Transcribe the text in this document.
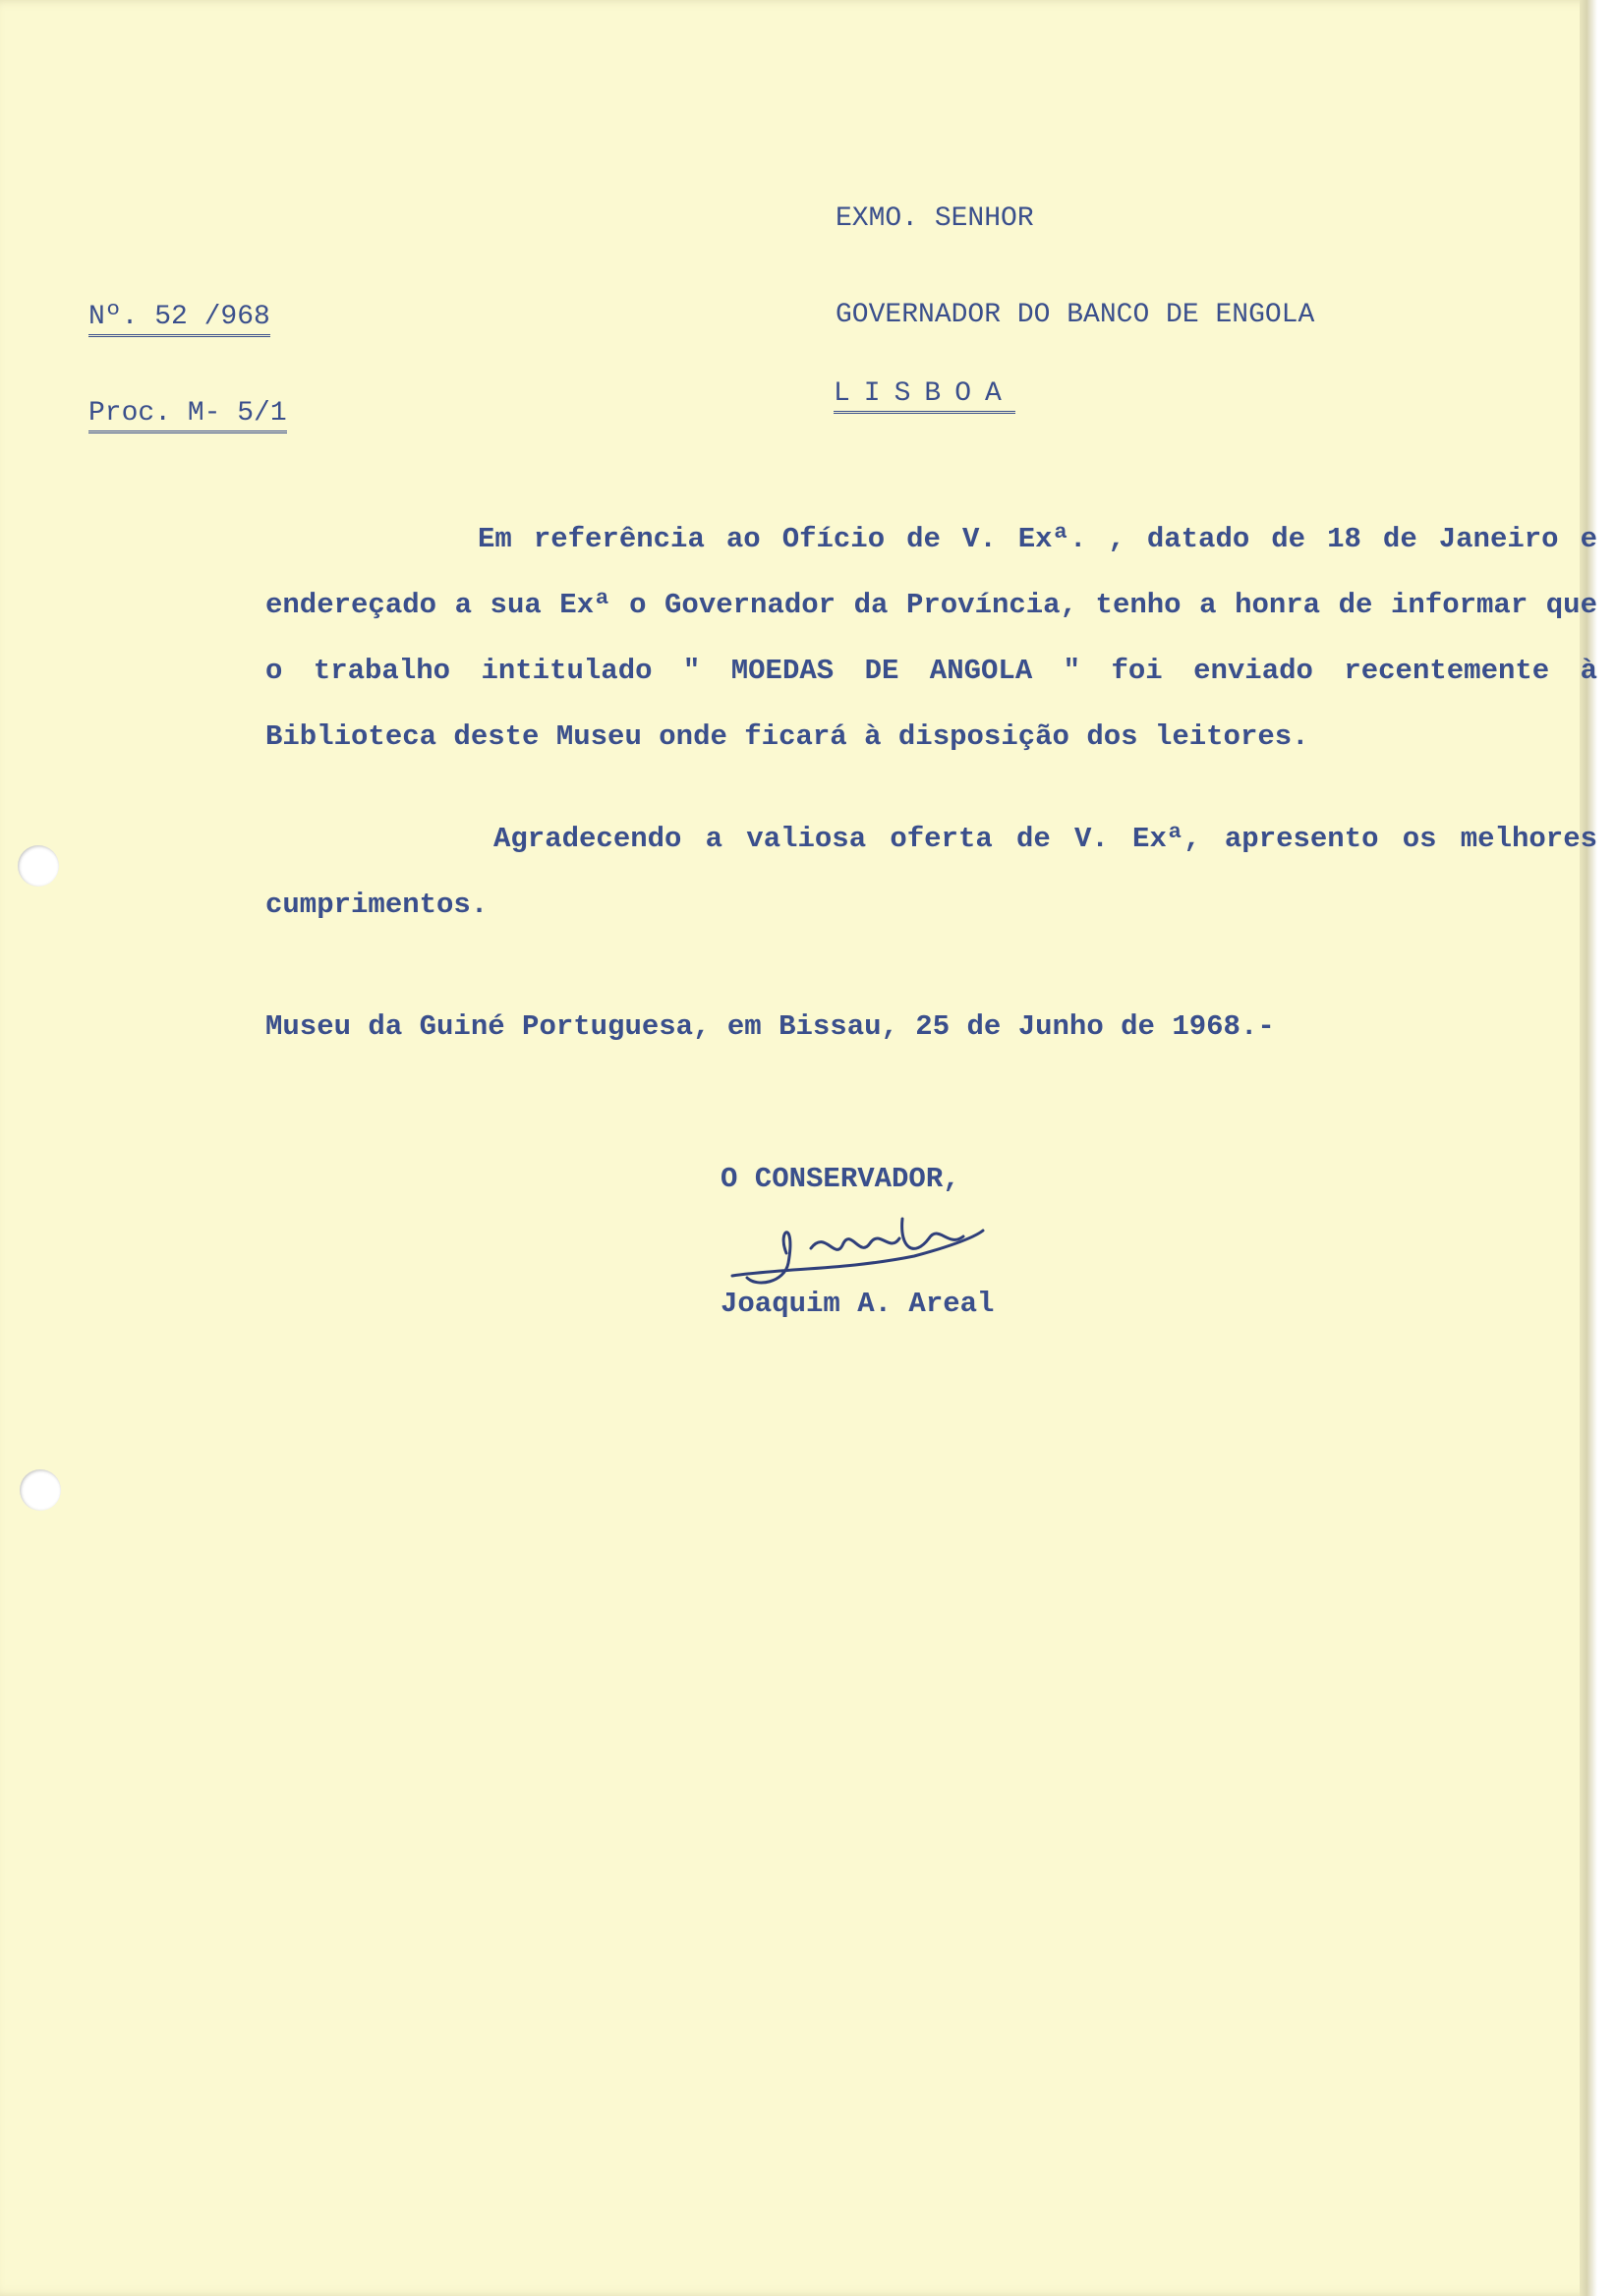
EXMO. SENHOR
GOVERNADOR DO BANCO DE ENGOLA
LISBOA
Nº. 52 /968
Proc. M- 5/1
Em referência ao Ofício de V. Exª. , datado de 18 de Janeiro e endereçado a sua Exª o Governador da Província, tenho a honra de informar que o trabalho intitulado " MOEDAS DE ANGOLA " foi enviado recentemente à Biblioteca deste Museu onde ficará à disposição dos leitores.
Agradecendo a valiosa oferta de V. Exª, apresento os melhores cumprimentos.
Museu da Guiné Portuguesa, em Bissau, 25 de Junho de 1968.-
O CONSERVADOR,
Joaquim A. Areal
